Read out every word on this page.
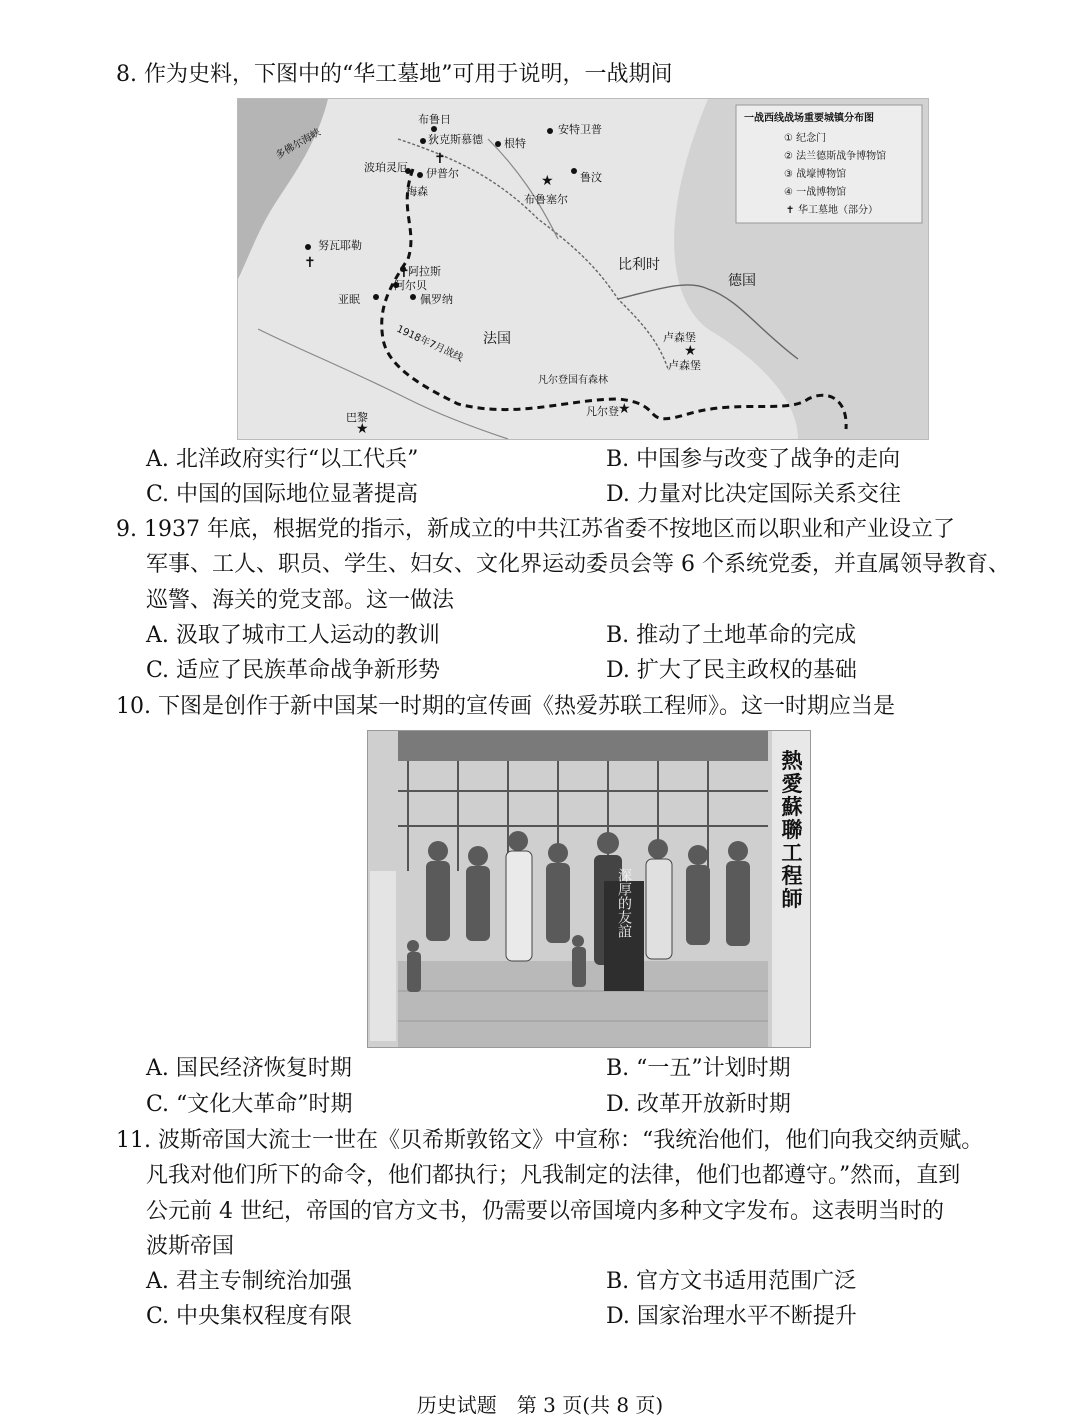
8. 作为史料，下图中的“华工墓地”可用于说明，一战期间
★
★
★
★
✝
✝
✝
布鲁日
狄克斯慕德 根特
安特卫普
波珀灵厄 伊普尔
梅森
鲁汶
布鲁塞尔
努瓦耶勒
阿拉斯
阿尔贝
亚眠	佩罗纳
法国
比利时
德国
卢森堡
卢森堡
巴黎	凡尔登
凡尔登国有森林
1918年7月战线
多佛尔海峡
一战西线战场重要城镇分布图
① 纪念门
② 法兰德斯战争博物馆
③ 战壕博物馆
④ 一战博物馆
✝ 华工墓地（部分）
A. 北洋政府实行“以工代兵”	B. 中国参与改变了战争的走向
C. 中国的国际地位显著提高	D. 力量对比决定国际关系交往
9. 1937 年底，根据党的指示，新成立的中共江苏省委不按地区而以职业和产业设立了
军事、工人、职员、学生、妇女、文化界运动委员会等 6 个系统党委，并直属领导教育、
巡警、海关的党支部。这一做法
A. 汲取了城市工人运动的教训	B. 推动了土地革命的完成
C. 适应了民族革命战争新形势	D. 扩大了民主政权的基础
10. 下图是创作于新中国某一时期的宣传画《热爱苏联工程师》。这一时期应当是
深厚的友誼
熱愛蘇聯工程師
A. 国民经济恢复时期	B. “一五”计划时期
C. “文化大革命”时期	D. 改革开放新时期
11. 波斯帝国大流士一世在《贝希斯敦铭文》中宣称：“我统治他们，他们向我交纳贡赋。
凡我对他们所下的命令，他们都执行；凡我制定的法律，他们也都遵守。”然而，直到
公元前 4 世纪，帝国的官方文书，仍需要以帝国境内多种文字发布。这表明当时的
波斯帝国
A. 君主专制统治加强	B. 官方文书适用范围广泛
C. 中央集权程度有限	D. 国家治理水平不断提升
历史试题　第 3 页(共 8 页)
